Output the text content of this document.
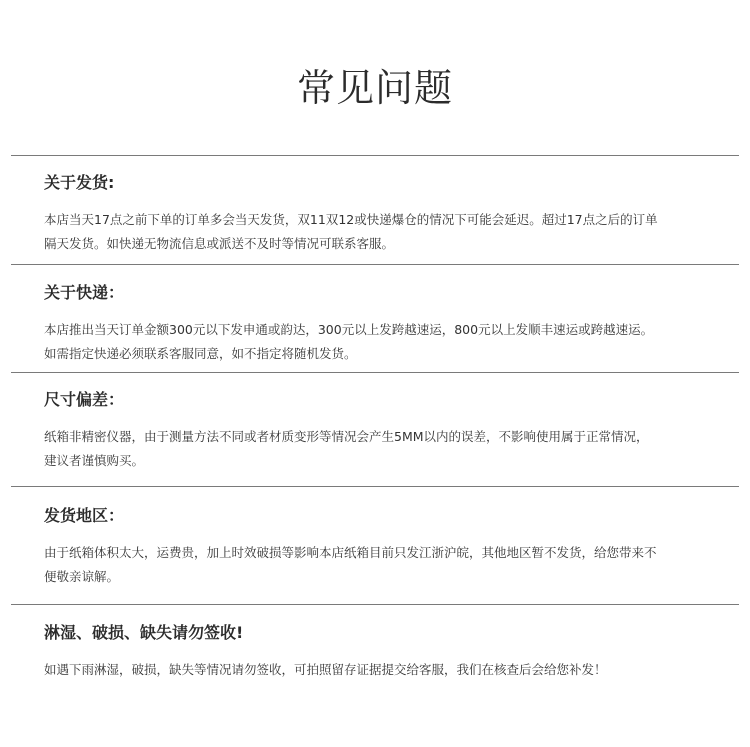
常见问题
关于发货:
本店当天17点之前下单的订单多会当天发货，双11双12或快递爆仓的情况下可能会延迟。超过17点之后的订单
隔天发货。如快递无物流信息或派送不及时等情况可联系客服。
关于快递：
本店推出当天订单金额300元以下发申通或韵达，300元以上发跨越速运，800元以上发顺丰速运或跨越速运。
如需指定快递必须联系客服同意，如不指定将随机发货。
尺寸偏差：
纸箱非精密仪器，由于测量方法不同或者材质变形等情况会产生5MM以内的误差，不影响使用属于正常情况，
建议者谨慎购买。
发货地区：
由于纸箱体积太大，运费贵，加上时效破损等影响本店纸箱目前只发江浙沪皖，其他地区暂不发货，给您带来不
便敬亲谅解。
淋湿、破损、缺失请勿签收!
如遇下雨淋湿，破损，缺失等情况请勿签收，可拍照留存证据提交给客服，我们在核查后会给您补发！
